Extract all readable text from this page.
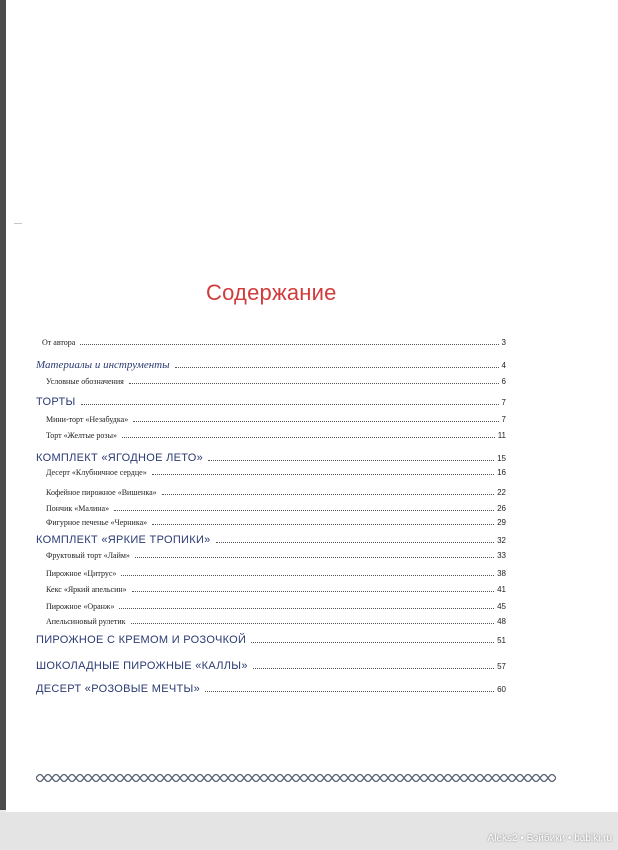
Содержание
От автора	3
Материалы и инструменты	4
Условные обозначения	6
ТОРТЫ	7
Мини-торт «Незабудка»	7
Торт «Желтые розы»	11
КОМПЛЕКТ «ЯГОДНОЕ ЛЕТО»	15
Десерт «Клубничное сердце»	16
Кофейное пирожное «Вишенка»	22
Пончик «Малина»	26
Фигурное печенье «Черника»	29
КОМПЛЕКТ «ЯРКИЕ ТРОПИКИ»	32
Фруктовый торт «Лайм»	33
Пирожное «Цитрус»	38
Кекс «Яркий апельсин»	41
Пирожное «Оранж»	45
Апельсиновый рулетик	48
ПИРОЖНОЕ С КРЕМОМ И РОЗОЧКОЙ	51
ШОКОЛАДНЫЕ ПИРОЖНЫЕ «КАЛЛЫ»	57
ДЕСЕРТ «РОЗОВЫЕ МЕЧТЫ»	60
Aleks2 • Бэйбики • babiki.ru
